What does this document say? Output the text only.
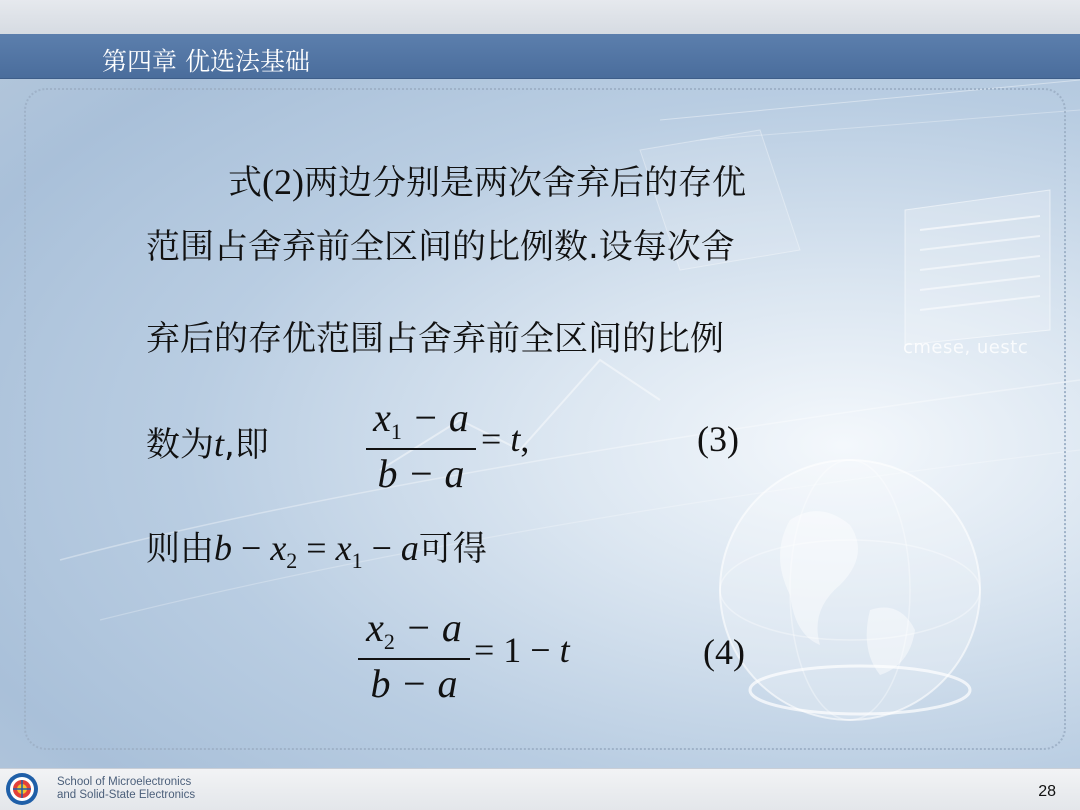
第四章 优选法基础
cmese, uestc
式(2)两边分别是两次舍弃后的存优
范围占舍弃前全区间的比例数.设每次舍
弃后的存优范围占舍弃前全区间的比例
数为t,即
$x_1 - a$
b − a
= t,	(3)
则由$b - x_2 = x_1 - a$可得
$x_2 - a$
b − a
= 1 − t	(4)
School of Microelectronics
and Solid-State Electronics	28
